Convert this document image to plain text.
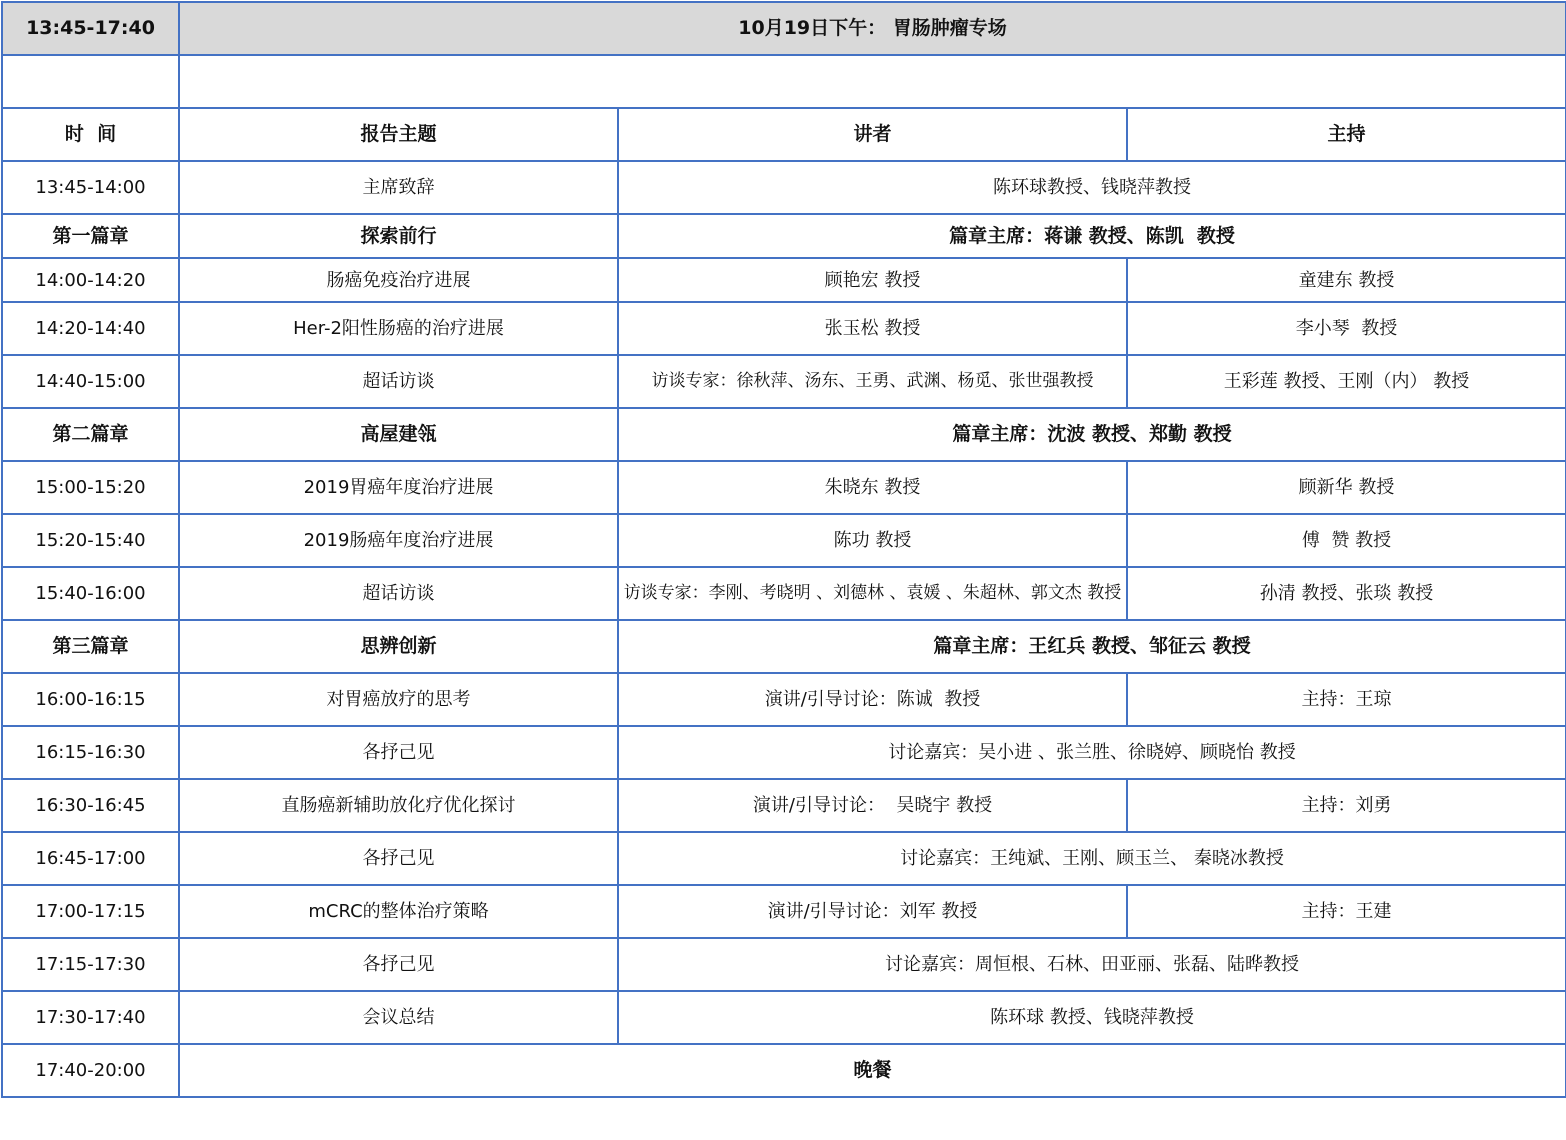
13:45-17:40	10月19日下午： 胃肠肿瘤专场		

时  间	报告主题	讲者	主持
13:45-14:00	主席致辞	陈环球教授、钱晓萍教授	
第一篇章	探索前行	篇章主席：蒋谦 教授、陈凯  教授	
14:00-14:20	肠癌免疫治疗进展	顾艳宏 教授	童建东 教授
14:20-14:40	Her-2阳性肠癌的治疗进展	张玉松 教授	李小琴  教授
14:40-15:00	超话访谈	访谈专家：徐秋萍、汤东、王勇、武渊、杨觅、张世强教授	王彩莲 教授、王刚（内） 教授
第二篇章	高屋建瓴	篇章主席：沈波 教授、郑勤 教授	
15:00-15:20	2019胃癌年度治疗进展	朱晓东 教授	顾新华 教授
15:20-15:40	2019肠癌年度治疗进展	陈功 教授	傅  赞 教授
15:40-16:00	超话访谈	访谈专家：李刚、考晓明 、刘德林 、袁媛 、朱超林、郭文杰 教授	孙清 教授、张琰 教授
第三篇章	思辨创新	篇章主席：王红兵 教授、邹征云 教授	
16:00-16:15	对胃癌放疗的思考	演讲/引导讨论：陈诚  教授	主持：王琼
16:15-16:30	各抒己见	讨论嘉宾：吴小进 、张兰胜、徐晓婷、顾晓怡 教授	
16:30-16:45	直肠癌新辅助放化疗优化探讨	演讲/引导讨论：  吴晓宇 教授	主持：刘勇
16:45-17:00	各抒己见	讨论嘉宾：王纯斌、王刚、顾玉兰、 秦晓冰教授	
17:00-17:15	mCRC的整体治疗策略	演讲/引导讨论：刘军 教授	主持：王建
17:15-17:30	各抒己见	讨论嘉宾：周恒根、石林、田亚丽、张磊、陆晔教授	
17:30-17:40	会议总结	陈环球 教授、钱晓萍教授	
17:40-20:00	晚餐		
